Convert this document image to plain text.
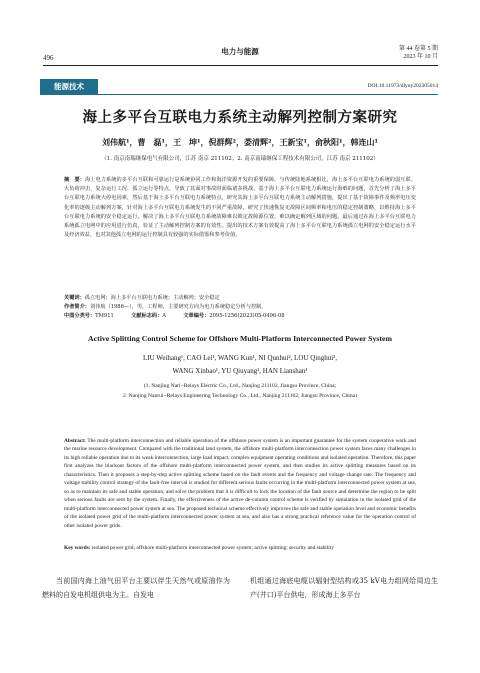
496
电力与能源	第 44 卷第 5 期
2023 年 10 月
能源技术	DOI:10.11973/dlyny202305014
海上多平台互联电力系统主动解列控制方案研究
刘伟航¹，曹　磊¹，王　坤¹，倪群辉²，娄清辉²，王新宝¹，俞秋阳¹，韩连山¹
（1. 南京南瑞继保电气有限公司，江苏 南京 211102；2. 南京南瑞继保工程技术有限公司，江苏 南京 211102）
摘　要：海上电力系统的多平台互联和可靠运行是系统协同工作和海洋资源开发的重要保障，与传统陆地系统相比，海上多平台互联电力系统的弱互联、大负荷冲击、复杂运行工况、孤立运行等特点，导致了其面对事故时面临诸多挑战。基于海上多平台互联电力系统运行海难的问题，首先分析了海上多平台互联电力系统大停电因素，然后基于海上多平台互联电力系统特点，研究其海上多平台互联电力系统主动解列措施，提出了基于故障事件及频率电压变化率的逐级主动解列方案，针对海上多平台互联电力系统发生的不同严重故障，研究了快速恢复无故障区间频率和电压的稳定控制策略，以维持海上多平台互联电力系统的安全稳定运行，解决了海上多平台互联电力系统故障难以锁定故障源位置，难以确定解列区域的问题。最后通过在海上多平台互联电力系统孤立电网中的应用进行仿真，验证了主动解列控制方案的有效性。提出的技术方案有效提高了海上多平台互联电力系统孤立电网的安全稳定运行水平及经济效益，也对其他孤立电网的运行控制具有较强的实际借鉴和参考价值。
关键词：孤立电网；海上多平台互联电力系统；主动解列；安全稳定
作者简介：刘伟航（1986—），男，工程师，主要研究方向为电力系统稳定分析与控制。
中图分类号：TM911	文献标志码：A	文章编号：2095-1256(2023)05-0496-08
Active Splitting Control Scheme for Offshore Multi-Platform Interconnected Power System
LIU Weihang¹, CAO Lei¹, WANG Kun¹, NI Qunhui², LOU Qinghui²,
WANG Xinbao¹, YU Qiuyang¹, HAN Lianshan¹
(1. Nanjing Nari−Relays Electric Co., Ltd., Nanjing 211102, Jiangsu Province, China;
2. Nanjing Nanrui−Relays Engineering Technology Co., Ltd., Nanjing 211102, Jiangsu Province, China)
Abstract: The multi-platform interconnection and reliable operation of the offshore power system is an important guarantee for the system cooperative work and the marine resource development. Compared with the traditional land system, the offshore multi-platform interconnection power system faces many challenges in its high reliable operation due to its weak interconnection, large load impact, complex equipment operating conditions and isolated operation. Therefore, this paper first analyzes the blackout factors of the offshore multi-platform interconnected power system, and then studies its active splitting measures based on its characteristics. Then it proposes a step-by-step active splitting scheme based on the fault events and the frequency and voltage change rate. The frequency and voltage stability control strategy of the fault-free interval is studied for different serious faults occurring in the multi-platform interconnected power system at sea, so as to maintain its safe and stable operation, and solve the problem that it is difficult to lock the location of the fault source and determine the region to be split when serious faults are sent by the system. Finally, the effectiveness of the active de-column control scheme is verified by simulation in the isolated grid of the multi-platform interconnected power system at sea. The proposed technical scheme effectively improves the safe and stable operation level and economic benefits of the isolated power grid of the multi-platform interconnected power system at sea, and also has a strong practical reference value for the operation control of other isolated power grids.
Key words: isolated power grid; offshore multi-platform interconnected power system; active splitting; security and stability
当前国内海上油气田平台主要以伴生天然气或原油作为燃料的自发电机组供电为主。自发电
机组通过海底电缆以辐射型结构或35 kV电力组网给周边生产(井口)平台供电，形成海上多平台
